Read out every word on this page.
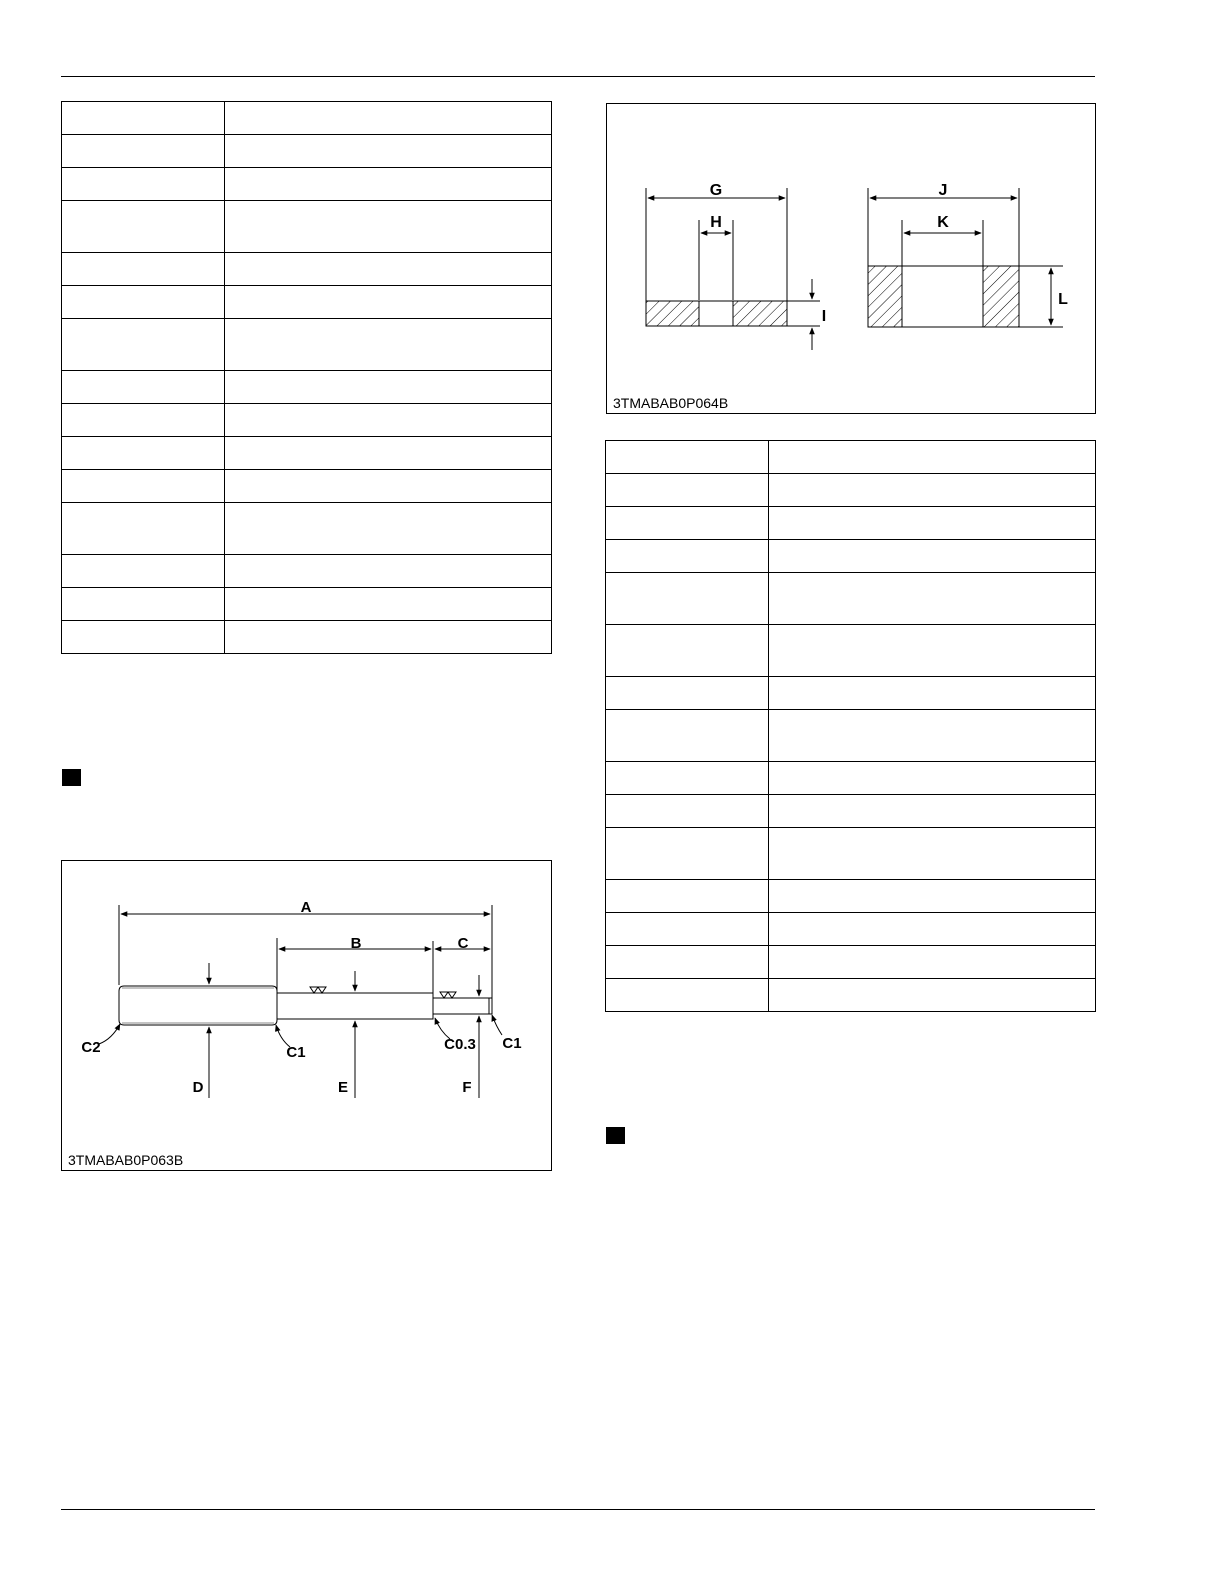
A
B	C
D	E	F
C2	C1	C0.3 C1
3TMABAB0P063B
G
H
I
J
K
L
3TMABAB0P064B
